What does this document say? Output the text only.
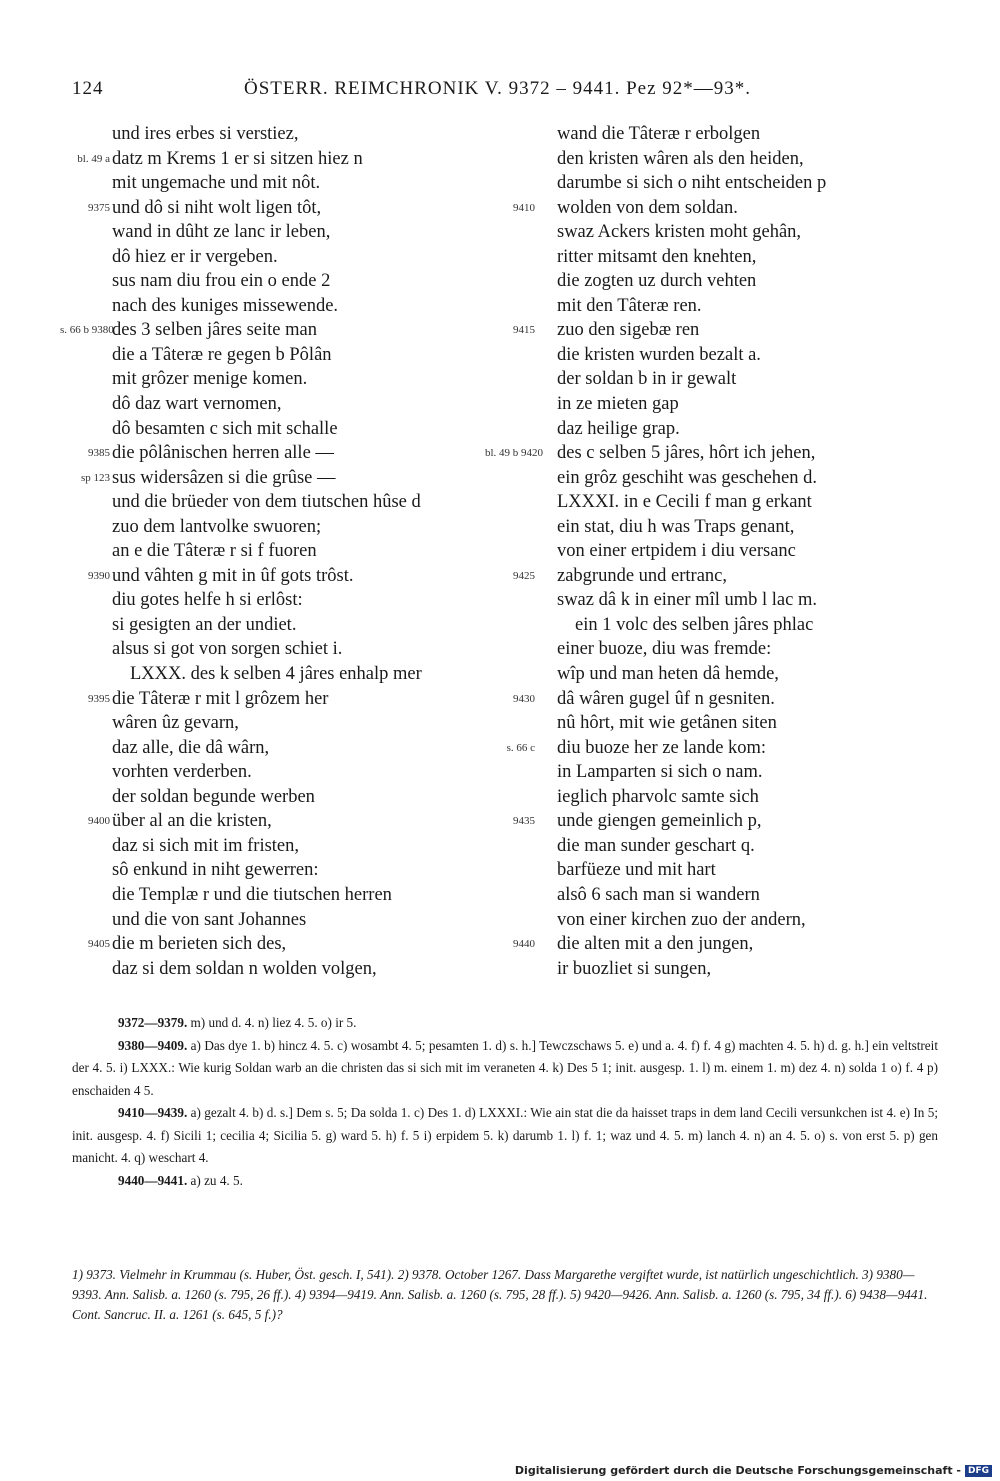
124	ÖSTERR. REIMCHRONIK V. 9372 – 9441. Pez 92*—93*.
und ires erbes si verstiez,
bl. 49 a datz m Krems 1 er si sitzen hiez n
mit ungemache und mit nôt.
9375 und dô si niht wolt ligen tôt,
wand in dûht ze lanc ir leben,
dô hiez er ir vergeben.
sus nam diu frou ein o ende 2
nach des kuniges missewende.
s. 66 b 9380
des 3 selben jâres seite man
die a Tâteræ re gegen b Pôlân
mit grôzer menige komen.
dô daz wart vernomen,
dô besamten c sich mit schalle
9385 die pôlânischen herren alle —
sp 123 sus widersâzen si die grûse —
und die brüeder von dem tiutschen hûse d
zuo dem lantvolke swuoren;
an e die Tâteræ r si f fuoren
9390 und vâhten g mit in ûf gots trôst.
diu gotes helfe h si erlôst:
si gesigten an der undiet.
alsus si got von sorgen schiet i.
LXXX. des k selben 4 jâres enhalp mer
9395 die Tâteræ r mit l grôzem her
wâren ûz gevarn,
daz alle, die dâ wârn,
vorhten verderben.
der soldan begunde werben
9400 über al an die kristen,
daz si sich mit im fristen,
sô enkund in niht gewerren:
die Templæ r und die tiutschen herren
und die von sant Johannes
9405 die m berieten sich des,
daz si dem soldan n wolden volgen,
wand die Tâteræ r erbolgen
den kristen wâren als den heiden,
darumbe si sich o niht entscheiden p
9410 wolden von dem soldan.
swaz Ackers kristen moht gehân,
ritter mitsamt den knehten,
die zogten uz durch vehten
mit den Tâteræ ren.
9415 zuo den sigebæ ren
die kristen wurden bezalt a.
der soldan b in ir gewalt
in ze mieten gap
daz heilige grap.
bl. 49 b 9420 des c selben 5 jâres, hôrt ich jehen,
ein grôz geschiht was geschehen d.
LXXXI. in e Cecili f man g erkant
ein stat, diu h was Traps genant,
von einer ertpidem i diu versanc
9425 zabgrunde und ertranc,
swaz dâ k in einer mîl umb l lac m.
ein 1 volc des selben jâres phlac
einer buoze, diu was fremde:
wîp und man heten dâ hemde,
9430 dâ wâren gugel ûf n gesniten.
nû hôrt, mit wie getânen siten
s. 66 c diu buoze her ze lande kom:
in Lamparten si sich o nam.
ieglich pharvolc samte sich
9435 unde giengen gemeinlich p,
die man sunder geschart q.
barfüeze und mit hart
alsô 6 sach man si wandern
von einer kirchen zuo der andern,
9440 die alten mit a den jungen,
ir buozliet si sungen,

9372—9379. m) und d. 4. n) liez 4. 5. o) ir 5.

9380—9409. a) Das dye 1. b) hincz 4. 5. c) wosambt 4. 5; pesamten 1. d) s. h.] Tewczschaws 5. e) und a. 4. f) f. 4 g) machten 4. 5. h) d. g. h.] ein veltstreit der 4. 5. i) LXXX.: Wie kurig Soldan warb an die christen das si sich mit im veraneten 4. k) Des 5 1; init. ausgesp. 1. l) m. einem 1. m) dez 4. n) solda 1 o) f. 4 p) enschaiden 4 5.

9410—9439. a) gezalt 4. b) d. s.] Dem s. 5; Da solda 1. c) Des 1. d) LXXXI.: Wie ain stat die da haisset traps in dem land Cecili versunkchen ist 4. e) In 5; init. ausgesp. 4. f) Sicili 1; cecilia 4; Sicilia 5. g) ward 5. h) f. 5 i) erpidem 5. k) darumb 1. l) f. 1; waz und 4. 5. m) lanch 4. n) an 4. 5. o) s. von erst 5. p) gen manicht. 4. q) weschart 4.

9440—9441. a) zu 4. 5.

1) 9373. Vielmehr in Krummau (s. Huber, Öst. gesch. I, 541). 2) 9378. October 1267. Dass Margarethe vergiftet wurde, ist natürlich ungeschichtlich. 3) 9380—9393. Ann. Salisb. a. 1260 (s. 795, 26 ff.). 4) 9394—9419. Ann. Salisb. a. 1260 (s. 795, 28 ff.). 5) 9420—9426. Ann. Salisb. a. 1260 (s. 795, 34 ff.). 6) 9438—9441. Cont. Sancruc. II. a. 1261 (s. 645, 5 f.)?

Digitalisierung gefördert durch die Deutsche Forschungsgemeinschaft - DFG
